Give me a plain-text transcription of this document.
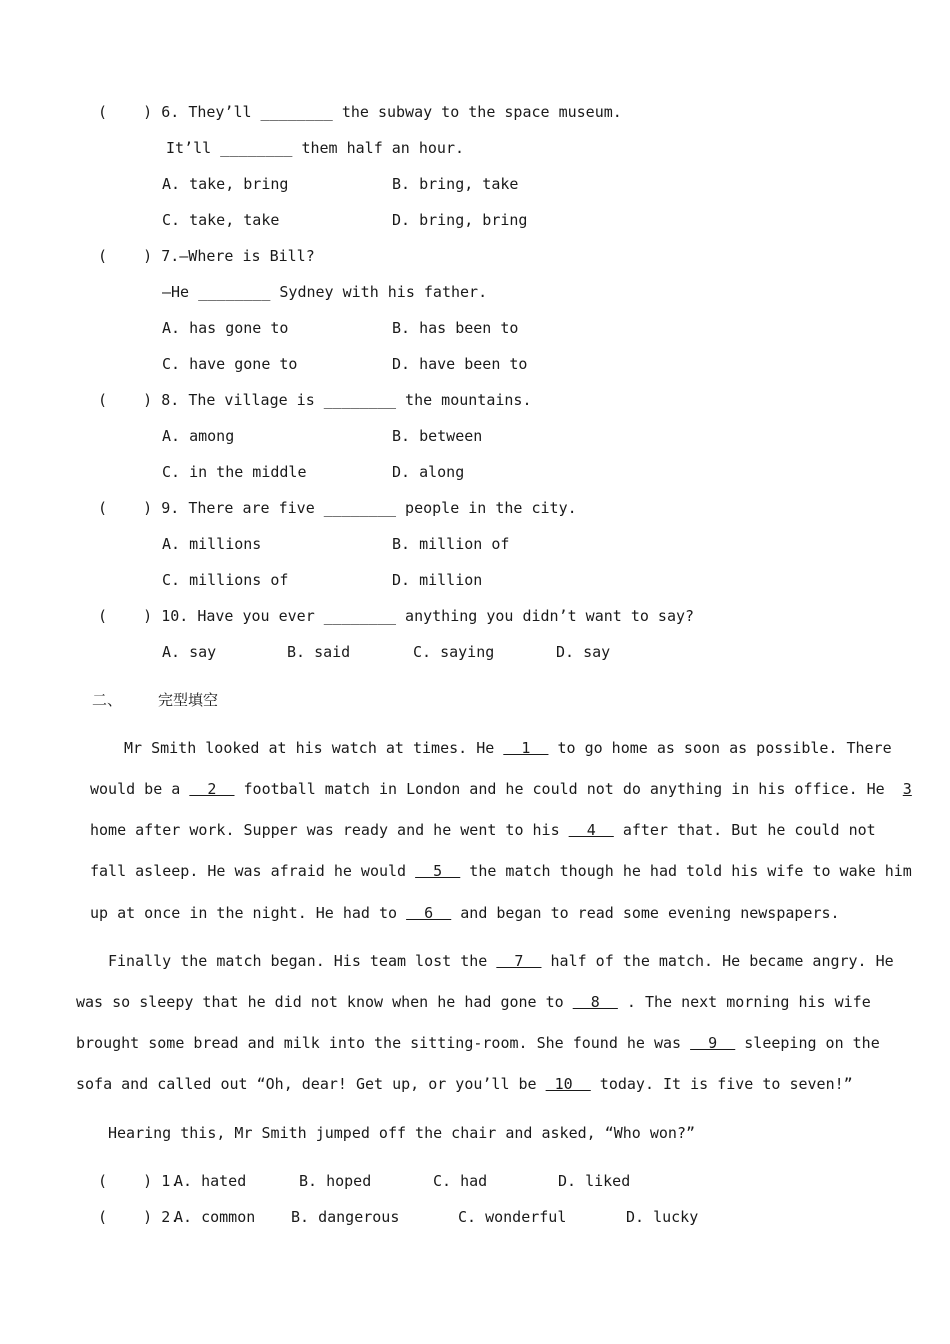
(    ) 6. They’ll ________ the subway to the space museum.
It’ll ________ them half an hour.
A. take, bring	B. bring, take
C. take, take	D. bring, bring
(    ) 7.—Where is Bill?
—He ________ Sydney with his father.
A. has gone to	B. has been to
C. have gone to	D. have been to
(    ) 8. The village is ________ the mountains.
A. among	B. between
C. in the middle	D. along
(    ) 9. There are five ________ people in the city.
A. millions	B. million of
C. millions of	D. million
(    ) 10. Have you ever ________ anything you didn’t want to say?
A. say	B. said	C. saying	D. say
二、 完型填空
Mr Smith looked at his watch at times. He   1   to go home as soon as possible. There
would be a   2   football match in London and he could not do anything in his office. He  3
home after work. Supper was ready and he went to his   4   after that. But he could not
fall asleep. He was afraid he would   5   the match though he had told his wife to wake him
up at once in the night. He had to   6   and began to read some evening newspapers.
Finally the match began. His team lost the   7   half of the match. He became angry. He
was so sleepy that he did not know when he had gone to   8   . The next morning his wife
brought some bread and milk into the sitting-room. She found he was   9   sleeping on the
sofa and called out “Oh, dear! Get up, or you’ll be  10   today. It is five to seven!”
Hearing this, Mr Smith jumped off the chair and asked, “Who won?”
(    ) 1.
A. hated	B. hoped	C. had	D. liked
(    ) 2.
A. common B. dangerous	C. wonderful	D. lucky
